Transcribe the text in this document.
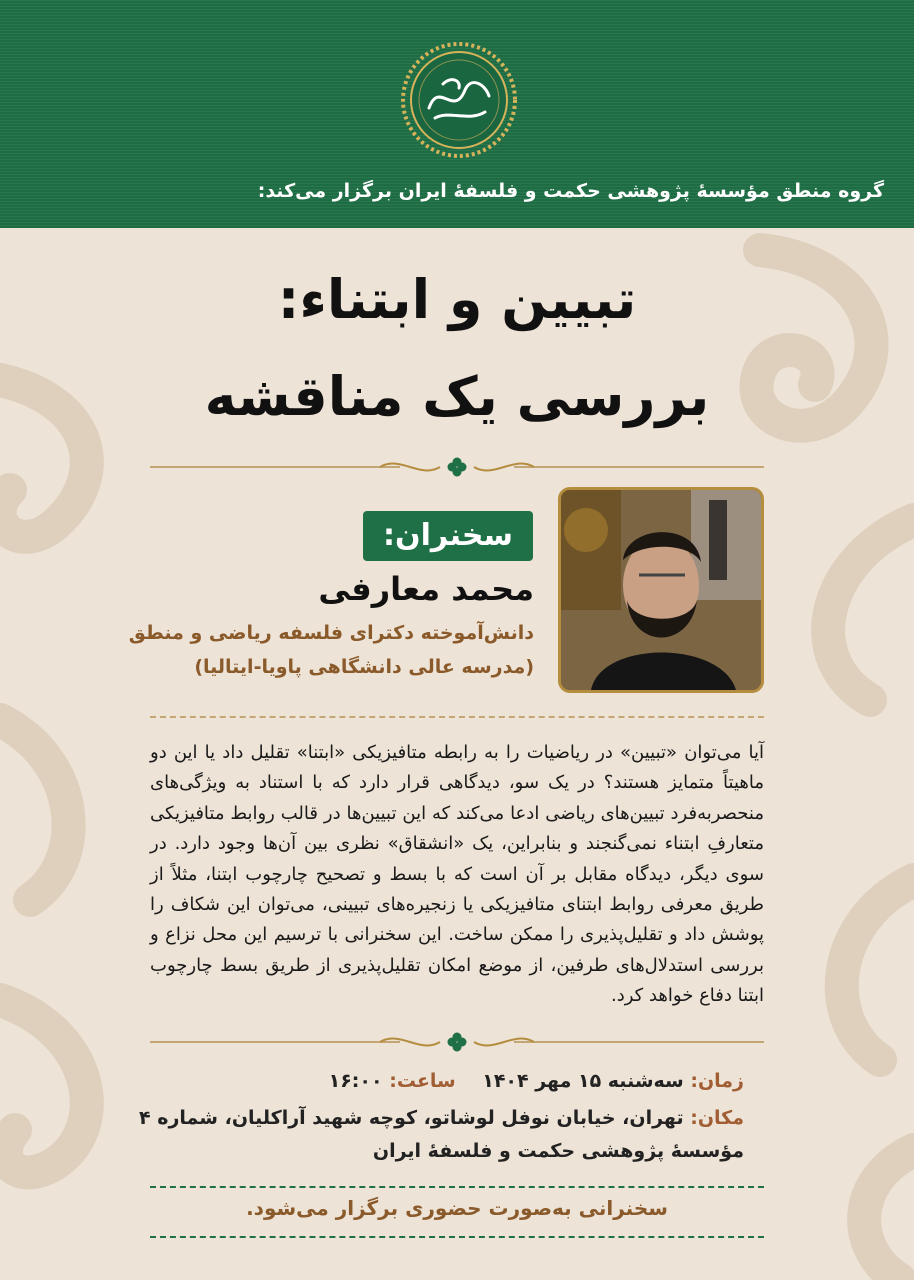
گروه منطق مؤسسهٔ پژوهشی حکمت و فلسفهٔ ایران برگزار می‌کند:
تبیین و ابتناء:
بررسی یک مناقشه
سخنران:
محمد معارفی
دانش‌آموخته دکترای فلسفه ریاضی و منطق
(مدرسه عالی دانشگاهی پاویا-ایتالیا)
آیا می‌توان «تبیین» در ریاضیات را به رابطه متافیزیکی «ابتنا» تقلیل داد یا این دو ماهیتاً متمایز هستند؟ در یک سو، دیدگاهی قرار دارد که با استناد به ویژگی‌های منحصربه‌فرد تبیین‌های ریاضی ادعا می‌کند که این تبیین‌ها در قالب روابط متافیزیکی متعارفِ ابتناء نمی‌گنجند و بنابراین، یک «انشقاق» نظری بین آن‌ها وجود دارد. در سوی دیگر، دیدگاه مقابل بر آن است که با بسط و تصحیح چارچوب ابتنا، مثلاً از طریق معرفی روابط ابتنای متافیزیکی یا زنجیره‌های تبیینی، می‌توان این شکاف را پوشش داد و تقلیل‌پذیری را ممکن ساخت. این سخنرانی با ترسیم این محل نزاع و بررسی استدلال‌های طرفین، از موضع امکان تقلیل‌پذیری از طریق بسط چارچوب ابتنا دفاع خواهد کرد.
زمان: سه‌شنبه ۱۵ مهر ۱۴۰۴    ساعت: ۱۶:۰۰
مکان: تهران، خیابان نوفل لوشاتو، کوچه شهید آراکلیان، شماره ۴
مؤسسهٔ پژوهشی حکمت و فلسفهٔ ایران
سخنرانی به‌صورت حضوری برگزار می‌شود.
